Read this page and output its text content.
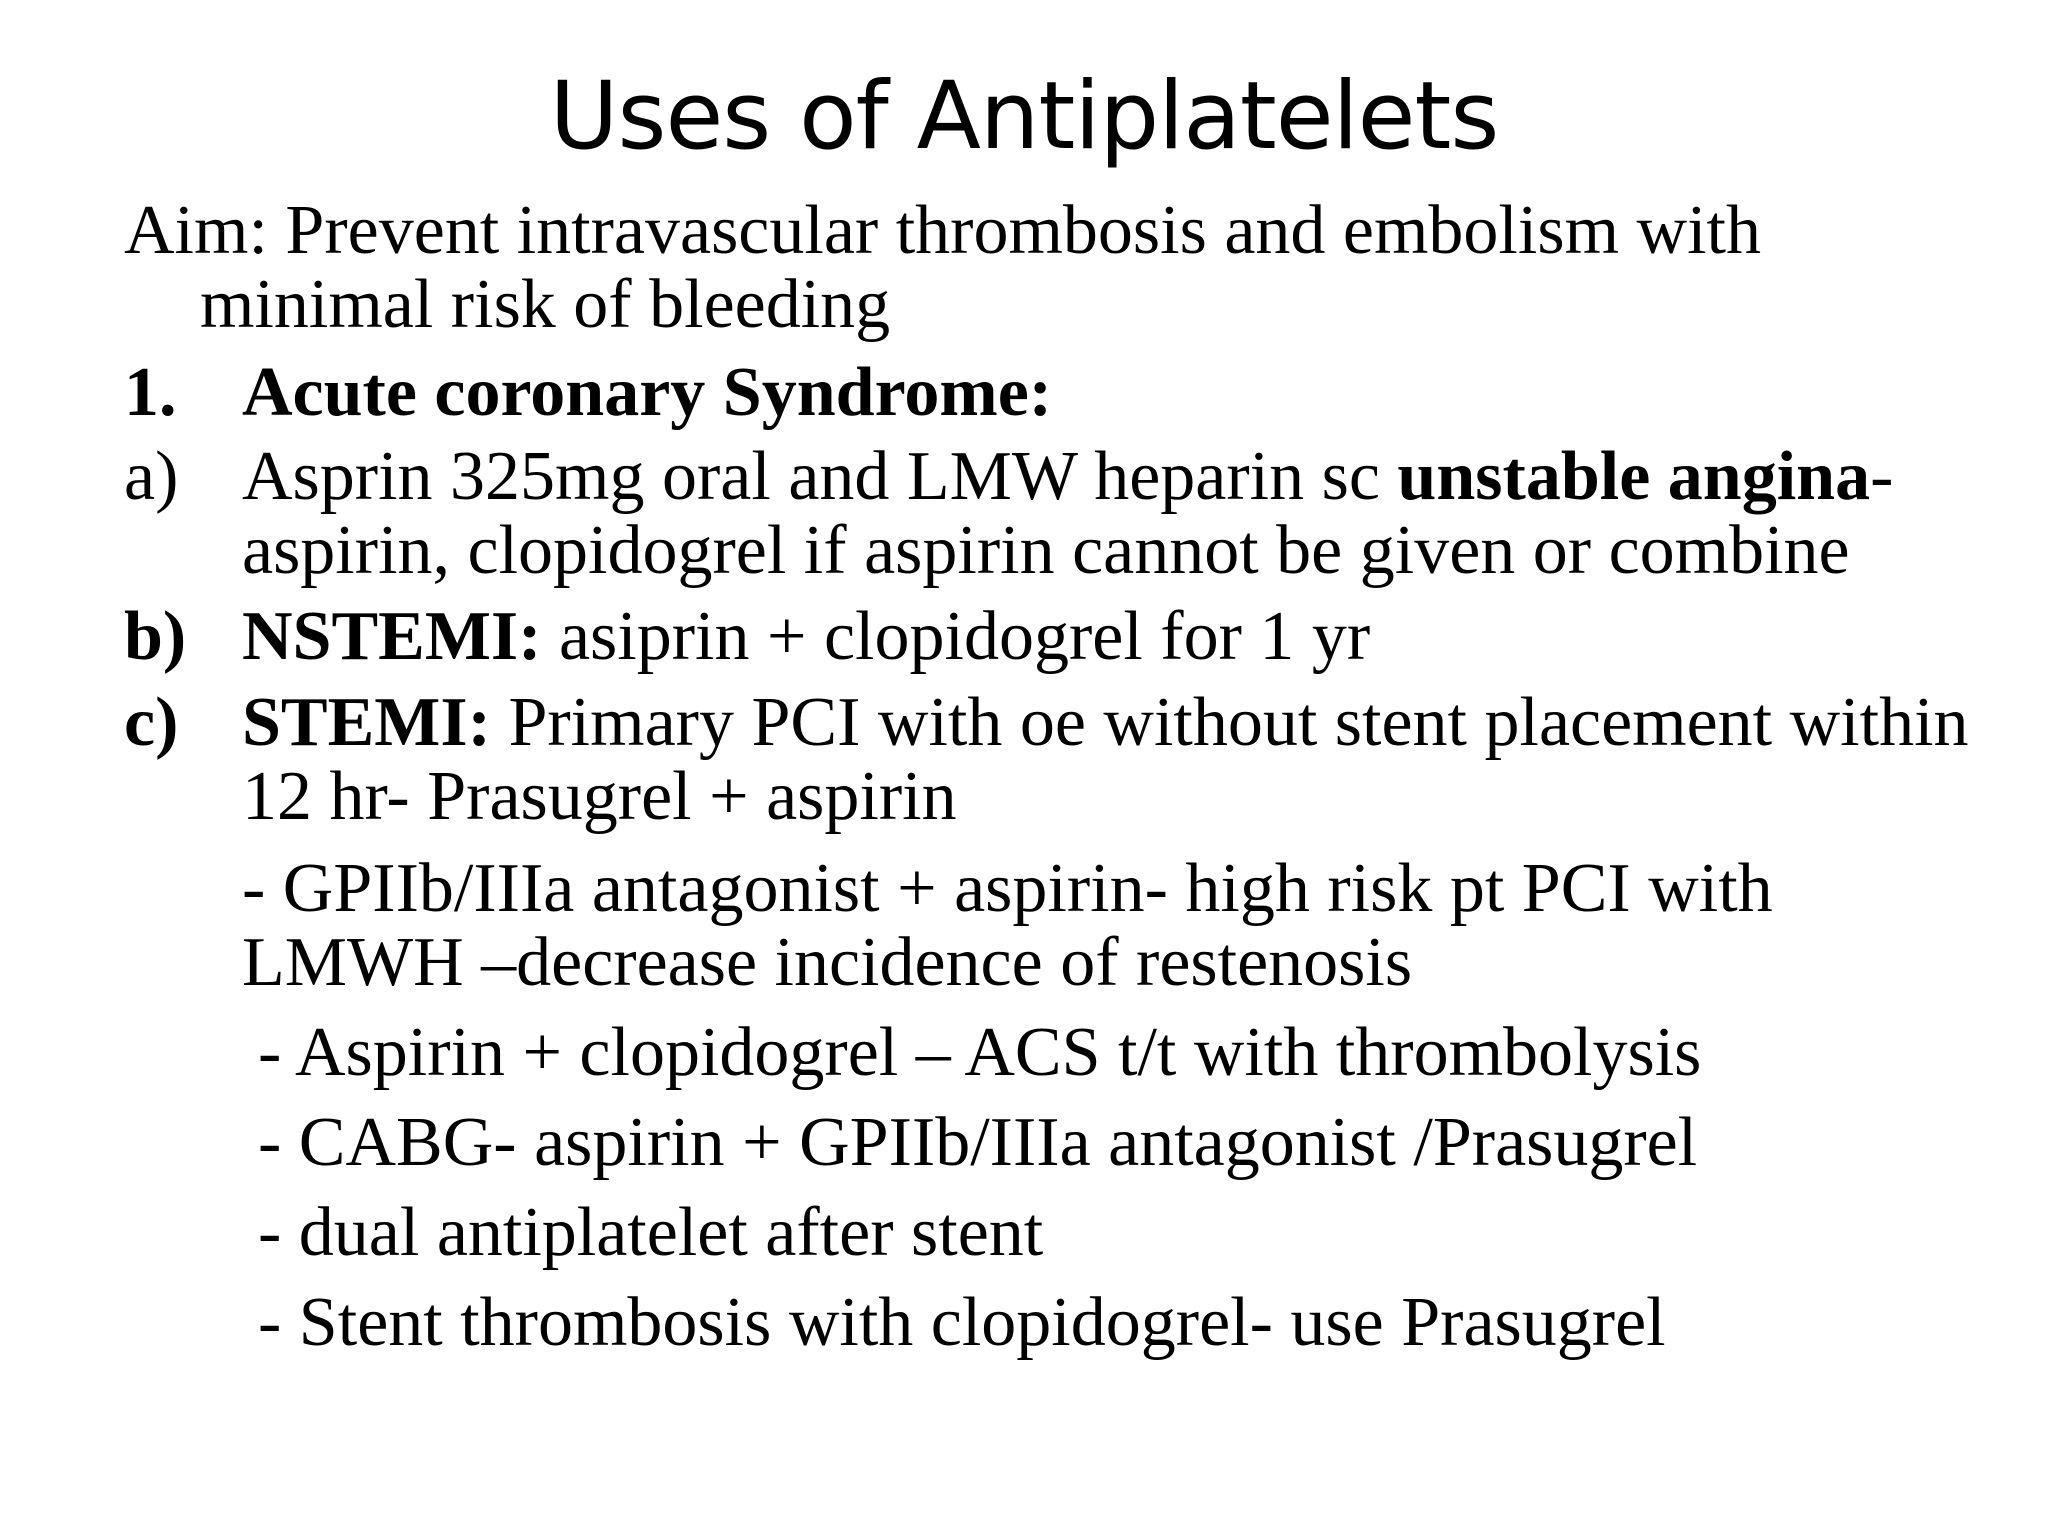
Uses of Antiplatelets

Aim: Prevent intravascular thrombosis and embolism with minimal risk of bleeding

1. Acute coronary Syndrome:
a) Asprin 325mg oral and LMW heparin sc unstable angina- aspirin, clopidogrel if aspirin cannot be given or combine
b) NSTEMI: asiprin + clopidogrel for 1 yr
c) STEMI: Primary PCI with oe without stent placement within 12 hr- Prasugrel + aspirin

- GPIIb/IIIa antagonist + aspirin- high risk pt PCI with LMWH –decrease incidence of restenosis

- Aspirin + clopidogrel – ACS t/t with thrombolysis

- CABG- aspirin + GPIIb/IIIa antagonist /Prasugrel

- dual antiplatelet after stent

- Stent thrombosis with clopidogrel- use Prasugrel
